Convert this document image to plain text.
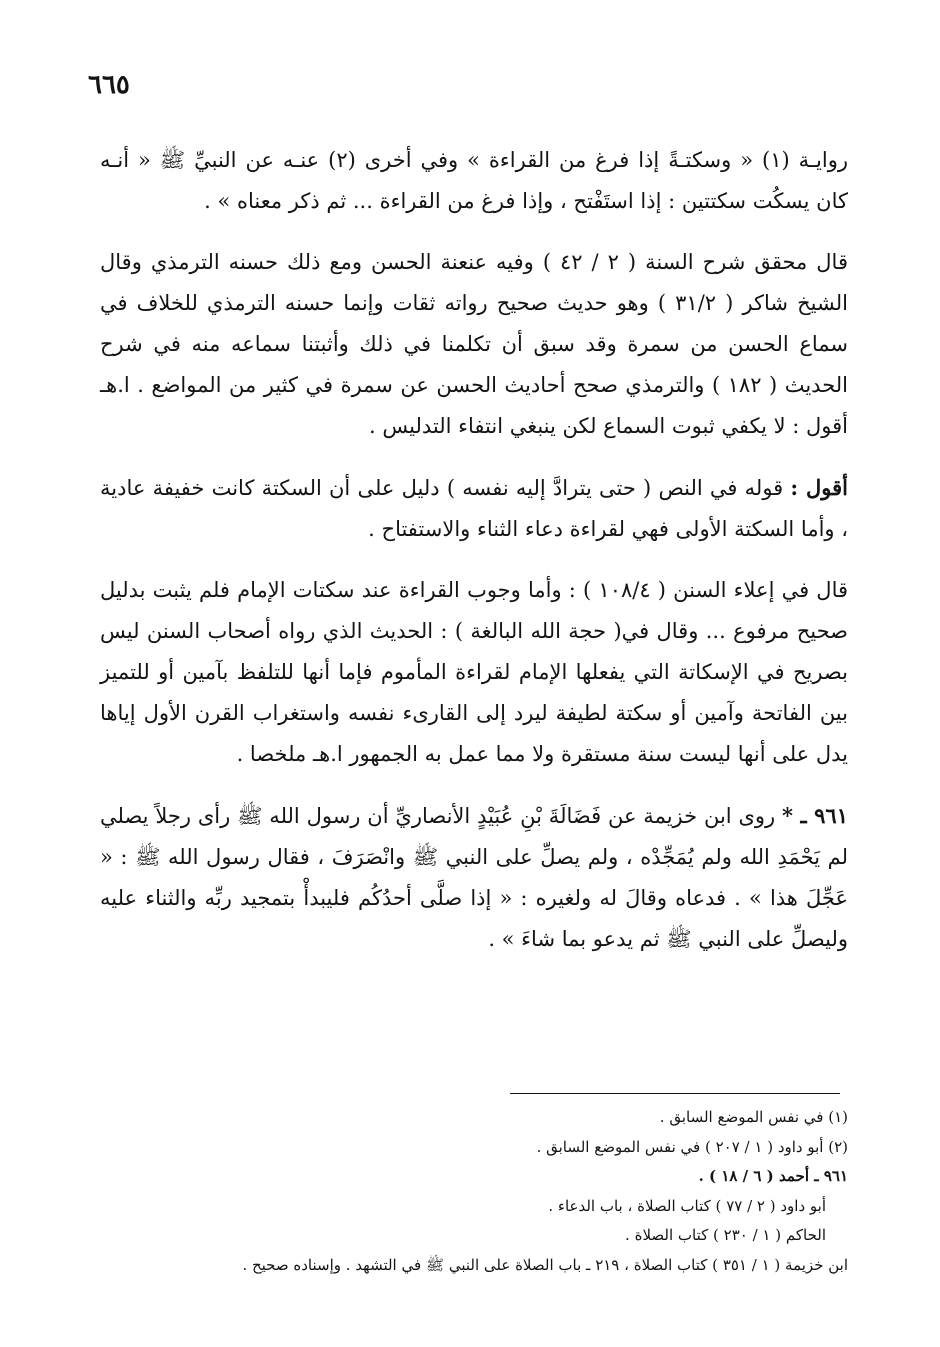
٦٦٥

روايـة (١) « وسكتـةً إذا فرغ من القراءة » وفي أخرى (٢) عنـه عن النبيِّ ﷺ « أنـه كان يسكُت سكتتين : إذا استَفْتح ، وإذا فرغ من القراءة ... ثم ذكر معناه » .

قال محقق شرح السنة ( ٢ / ٤٢ ) وفيه عنعنة الحسن ومع ذلك حسنه الترمذي وقال الشيخ شاكر ( ٣١/٢ ) وهو حديث صحيح رواته ثقات وإنما حسنه الترمذي للخلاف في سماع الحسن من سمرة وقد سبق أن تكلمنا في ذلك وأثبتنا سماعه منه في شرح الحديث ( ١٨٢ ) والترمذي صحح أحاديث الحسن عن سمرة في كثير من المواضع . ا.هـ أقول : لا يكفي ثبوت السماع لكن ينبغي انتفاء التدليس .

أقول : قوله في النص ( حتى يترادَّ إليه نفسه ) دليل على أن السكتة كانت خفيفة عادية ، وأما السكتة الأولى فهي لقراءة دعاء الثناء والاستفتاح .

قال في إعلاء السنن ( ١٠٨/٤ ) : وأما وجوب القراءة عند سكتات الإمام فلم يثبت بدليل صحيح مرفوع ... وقال في( حجة الله البالغة ) : الحديث الذي رواه أصحاب السنن ليس بصريح في الإسكاتة التي يفعلها الإمام لقراءة المأموم فإما أنها للتلفظ بآمين أو للتميز بين الفاتحة وآمين أو سكتة لطيفة ليرد إلى القارىء نفسه واستغراب القرن الأول إياها يدل على أنها ليست سنة مستقرة ولا مما عمل به الجمهور ا.هـ ملخصا .

٩٦١ ـ * روى ابن خزيمة عن فَضَالَةَ بْنِ عُبَيْدٍ الأنصاريِّ أن رسول الله ﷺ رأى رجلاً يصلي لم يَحْمَدِ الله ولم يُمَجِّدْه ، ولم يصلِّ على النبي ﷺ وانْصَرَفَ ، فقال رسول الله ﷺ : « عَجِّلَ هذا » . فدعاه وقالَ له ولغيره : « إذا صلَّى أحدُكُم فليبدأْ بتمجيد ربِّه والثناء عليه وليصلِّ على النبي ﷺ ثم يدعو بما شاءَ » .

(١) في نفس الموضع السابق .

(٢) أبو داود ( ١ / ٢٠٧ ) في نفس الموضع السابق .

٩٦١ ـ أحمد ( ٦ / ١٨ ) .

أبو داود ( ٢ / ٧٧ ) كتاب الصلاة ، باب الدعاء .

الحاكم ( ١ / ٢٣٠ ) كتاب الصلاة .

ابن خزيمة ( ١ / ٣٥١ ) كتاب الصلاة ، ٢١٩ ـ باب الصلاة على النبي ﷺ في التشهد . وإسناده صحيح .
